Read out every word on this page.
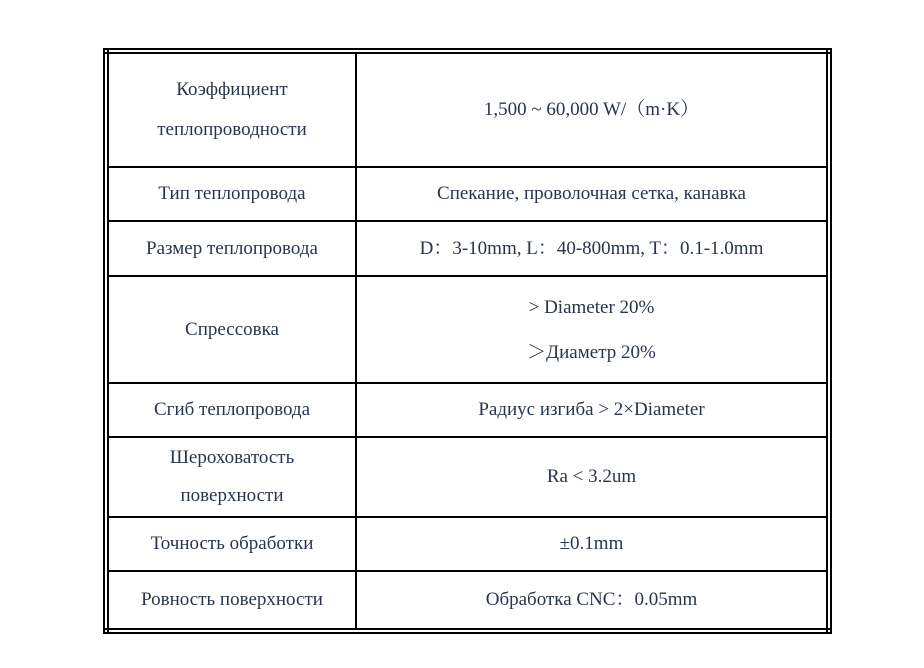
Коэффициент
теплопроводности	1,500 ~ 60,000 W/（m·K）

Тип теплопровода	Спекание, проволочная сетка, канавка

Размер теплопровода	D：3-10mm, L：40-800mm, T：0.1-1.0mm

Спрессовка	> Diameter 20%
＞Диаметр 20%

Сгиб теплопровода	Радиус изгиба > 2×Diameter

Шероховатость
поверхности	Ra < 3.2um

Точность обработки	±0.1mm

Ровность поверхности	Обработка CNC：0.05mm
